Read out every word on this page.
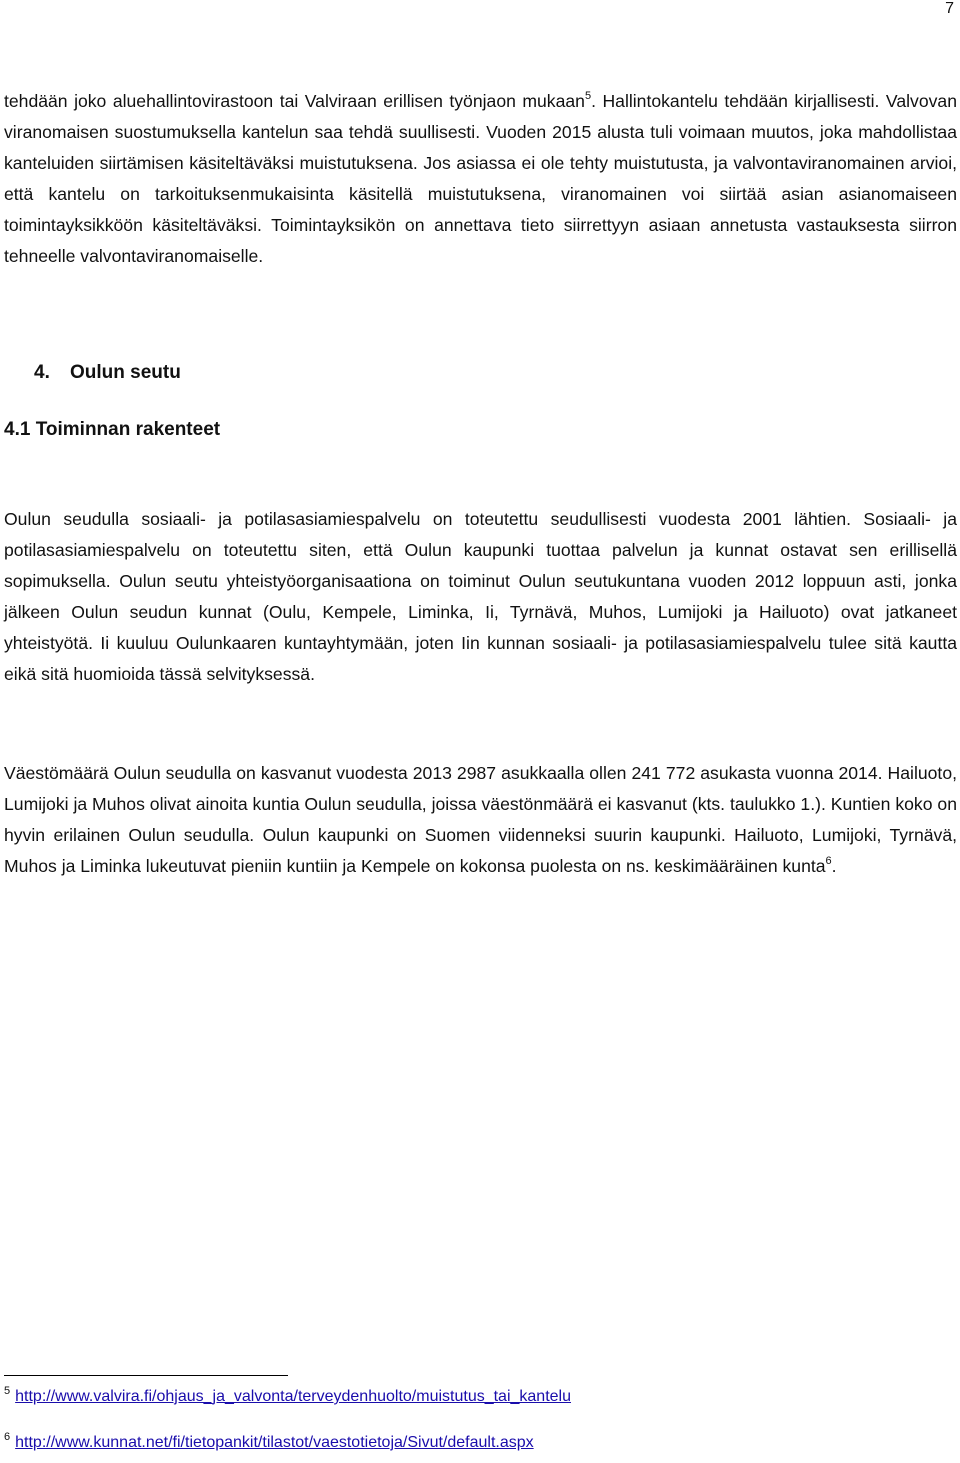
7

tehdään joko aluehallintovirastoon tai Valviraan erillisen työnjaon mukaan$^5$. Hallintokantelu tehdään kirjallisesti. Valvovan viranomaisen suostumuksella kantelun saa tehdä suullisesti. Vuoden 2015 alusta tuli voimaan muutos, joka mahdollistaa kanteluiden siirtämisen käsiteltäväksi muistutuksena. Jos asiassa ei ole tehty muistutusta, ja valvontaviranomainen arvioi, että kantelu on tarkoituksenmukaisinta käsitellä muistutuksena, viranomainen voi siirtää asian asianomaiseen toimintayksikköön käsiteltäväksi. Toimintayksikön on annettava tieto siirrettyyn asiaan annetusta vastauksesta siirron tehneelle valvontaviranomaiselle.

4. Oulun seutu
4.1 Toiminnan rakenteet

Oulun seudulla sosiaali- ja potilasasiamiespalvelu on toteutettu seudullisesti vuodesta 2001 lähtien. Sosiaali- ja potilasasiamiespalvelu on toteutettu siten, että Oulun kaupunki tuottaa palvelun ja kunnat ostavat sen erillisellä sopimuksella. Oulun seutu yhteistyöorganisaationa on toiminut Oulun seutukuntana vuoden 2012 loppuun asti, jonka jälkeen Oulun seudun kunnat (Oulu, Kempele, Liminka, Ii, Tyrnävä, Muhos, Lumijoki ja Hailuoto) ovat jatkaneet yhteistyötä. Ii kuuluu Oulunkaaren kuntayhtymään, joten Iin kunnan sosiaali- ja potilasasiamiespalvelu tulee sitä kautta eikä sitä huomioida tässä selvityksessä.

Väestömäärä Oulun seudulla on kasvanut vuodesta 2013 2987 asukkaalla ollen 241 772 asukasta vuonna 2014. Hailuoto, Lumijoki ja Muhos olivat ainoita kuntia Oulun seudulla, joissa väestönmäärä ei kasvanut (kts. taulukko 1.). Kuntien koko on hyvin erilainen Oulun seudulla. Oulun kaupunki on Suomen viidenneksi suurin kaupunki. Hailuoto, Lumijoki, Tyrnävä, Muhos ja Liminka lukeutuvat pieniin kuntiin ja Kempele on kokonsa puolesta on ns. keskimääräinen kunta$^6$.

$^5$ http://www.valvira.fi/ohjaus_ja_valvonta/terveydenhuolto/muistutus_tai_kantelu
$^6$ http://www.kunnat.net/fi/tietopankit/tilastot/vaestotietoja/Sivut/default.aspx
